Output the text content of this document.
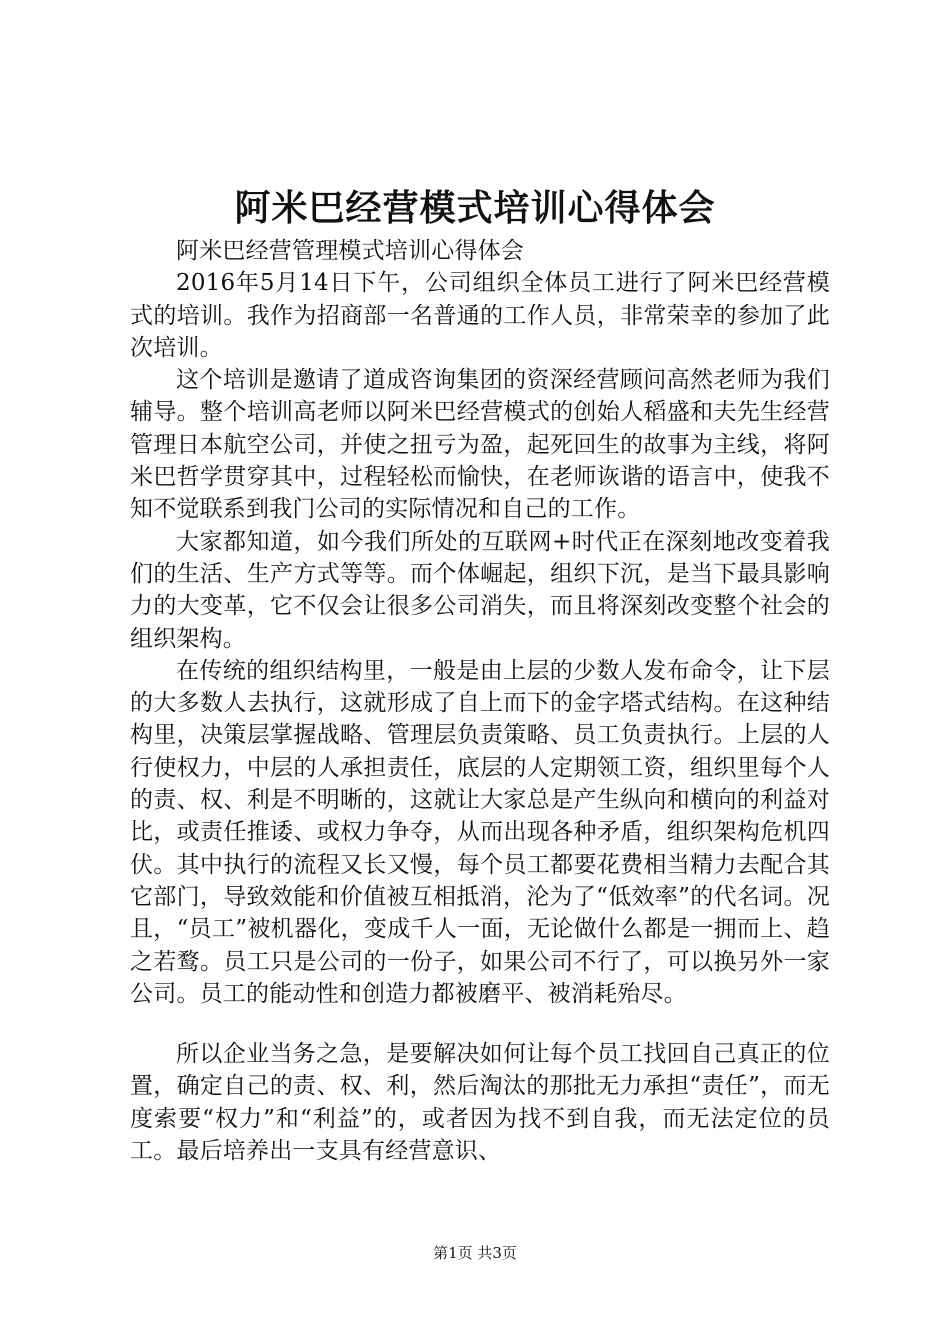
阿米巴经营模式培训心得体会

阿米巴经营管理模式培训心得体会

2016年5月14日下午，公司组织全体员工进行了阿米巴经营模式的培训。我作为招商部一名普通的工作人员，非常荣幸的参加了此次培训。

这个培训是邀请了道成咨询集团的资深经营顾问高然老师为我们辅导。整个培训高老师以阿米巴经营模式的创始人稻盛和夫先生经营管理日本航空公司，并使之扭亏为盈，起死回生的故事为主线，将阿米巴哲学贯穿其中，过程轻松而愉快，在老师诙谐的语言中，使我不知不觉联系到我门公司的实际情况和自己的工作。

大家都知道，如今我们所处的互联网+时代正在深刻地改变着我们的生活、生产方式等等。而个体崛起，组织下沉，是当下最具影响力的大变革，它不仅会让很多公司消失，而且将深刻改变整个社会的组织架构。

在传统的组织结构里，一般是由上层的少数人发布命令，让下层的大多数人去执行，这就形成了自上而下的金字塔式结构。在这种结构里，决策层掌握战略、管理层负责策略、员工负责执行。上层的人行使权力，中层的人承担责任，底层的人定期领工资，组织里每个人的责、权、利是不明晰的，这就让大家总是产生纵向和横向的利益对比，或责任推诿、或权力争夺，从而出现各种矛盾，组织架构危机四伏。其中执行的流程又长又慢，每个员工都要花费相当精力去配合其它部门，导致效能和价值被互相抵消，沦为了“低效率”的代名词。况且，“员工”被机器化，变成千人一面，无论做什么都是一拥而上、趋之若鹜。员工只是公司的一份子，如果公司不行了，可以换另外一家公司。员工的能动性和创造力都被磨平、被消耗殆尽。

所以企业当务之急，是要解决如何让每个员工找回自己真正的位置，确定自己的责、权、利，然后淘汰的那批无力承担“责任”，而无度索要“权力”和“利益”的，或者因为找不到自我，而无法定位的员工。最后培养出一支具有经营意识、

第1页 共3页
